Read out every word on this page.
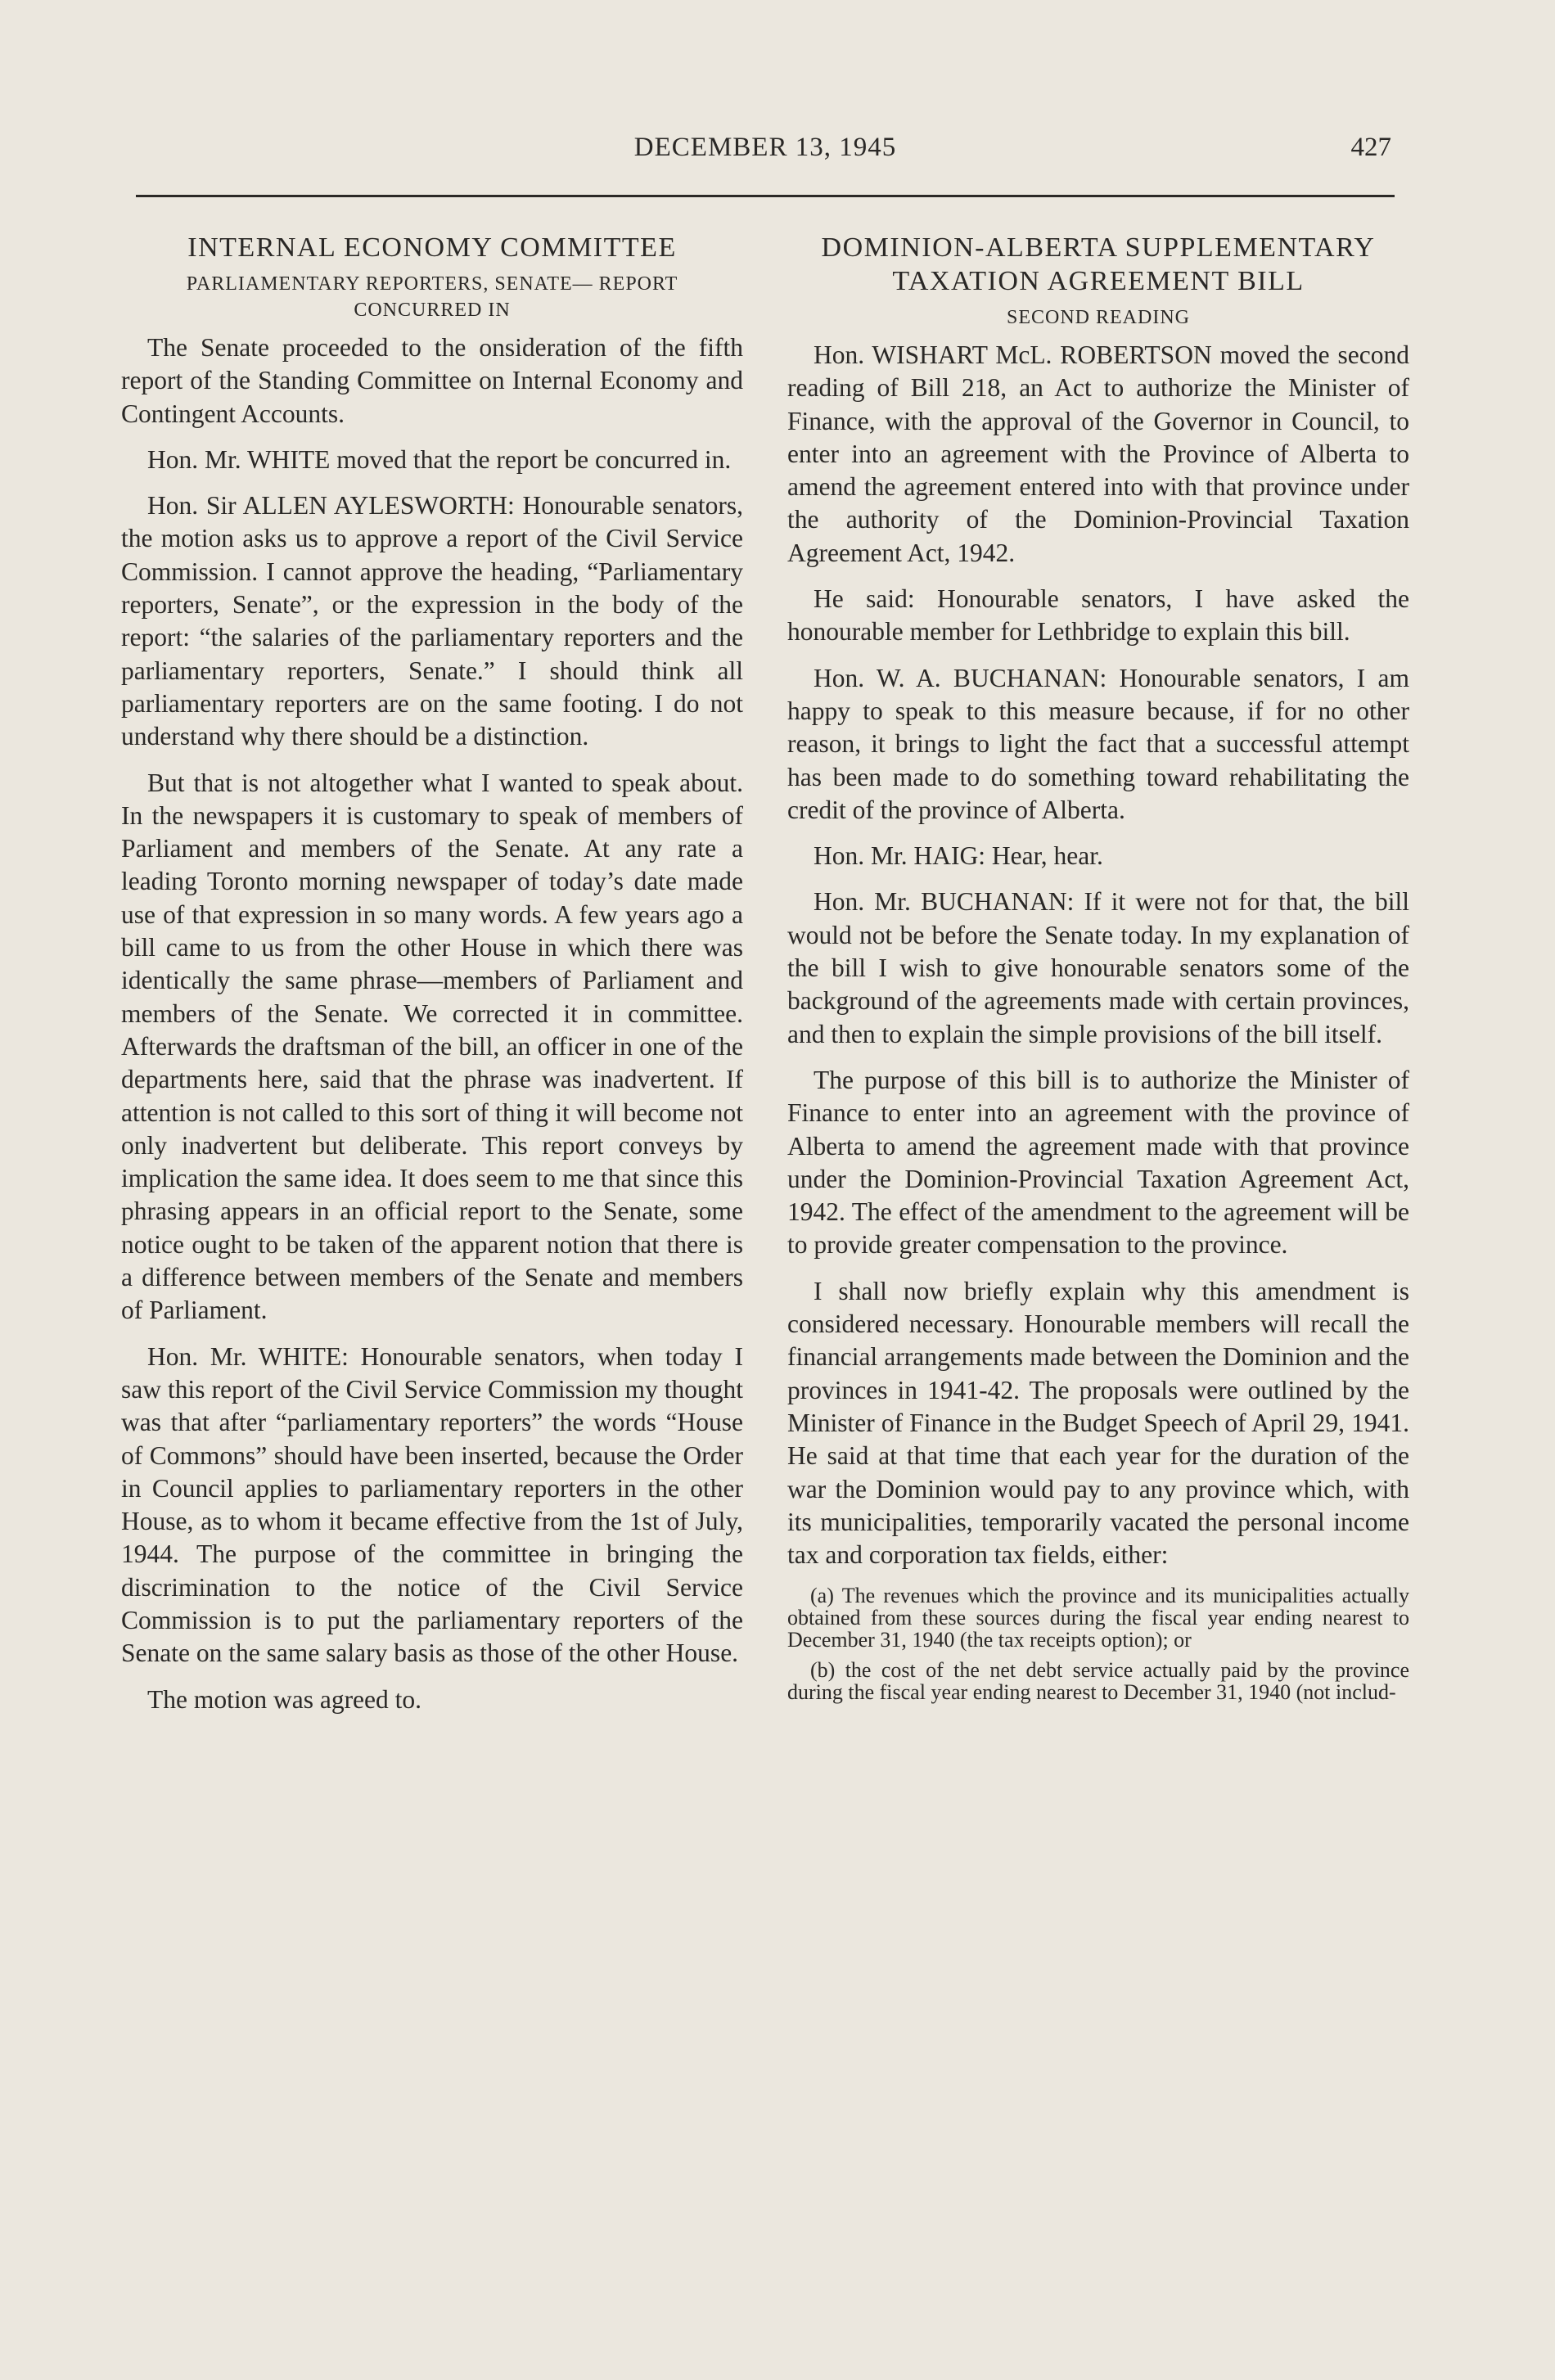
DECEMBER 13, 1945	427
INTERNAL ECONOMY COMMITTEE
PARLIAMENTARY REPORTERS, SENATE— REPORT CONCURRED IN

The Senate proceeded to the onsideration of the fifth report of the Standing Committee on Internal Economy and Contingent Accounts.

Hon. Mr. WHITE moved that the report be concurred in.

Hon. Sir ALLEN AYLESWORTH: Honourable senators, the motion asks us to approve a report of the Civil Service Commission. I cannot approve the heading, “Parliamentary reporters, Senate”, or the expression in the body of the report: “the salaries of the parliamentary reporters and the parliamentary reporters, Senate.” I should think all parliamentary reporters are on the same footing. I do not understand why there should be a distinction.

But that is not altogether what I wanted to speak about. In the newspapers it is customary to speak of members of Parliament and members of the Senate. At any rate a leading Toronto morning newspaper of today’s date made use of that expression in so many words. A few years ago a bill came to us from the other House in which there was identically the same phrase—members of Parliament and members of the Senate. We corrected it in committee. Afterwards the draftsman of the bill, an officer in one of the departments here, said that the phrase was inadvertent. If attention is not called to this sort of thing it will become not only inadvertent but deliberate. This report conveys by implication the same idea. It does seem to me that since this phrasing appears in an official report to the Senate, some notice ought to be taken of the apparent notion that there is a difference between members of the Senate and members of Parliament.

Hon. Mr. WHITE: Honourable senators, when today I saw this report of the Civil Service Commission my thought was that after “parliamentary reporters” the words “House of Commons” should have been inserted, because the Order in Council applies to parliamentary reporters in the other House, as to whom it became effective from the 1st of July, 1944. The purpose of the committee in bringing the discrimination to the notice of the Civil Service Commission is to put the parliamentary reporters of the Senate on the same salary basis as those of the other House.

The motion was agreed to.

DOMINION-ALBERTA SUPPLEMENTARY TAXATION AGREEMENT BILL
SECOND READING

Hon. WISHART McL. ROBERTSON moved the second reading of Bill 218, an Act to authorize the Minister of Finance, with the approval of the Governor in Council, to enter into an agreement with the Province of Alberta to amend the agreement entered into with that province under the authority of the Dominion-Provincial Taxation Agreement Act, 1942.

He said: Honourable senators, I have asked the honourable member for Lethbridge to explain this bill.

Hon. W. A. BUCHANAN: Honourable senators, I am happy to speak to this measure because, if for no other reason, it brings to light the fact that a successful attempt has been made to do something toward rehabilitating the credit of the province of Alberta.

Hon. Mr. HAIG: Hear, hear.

Hon. Mr. BUCHANAN: If it were not for that, the bill would not be before the Senate today. In my explanation of the bill I wish to give honourable senators some of the background of the agreements made with certain provinces, and then to explain the simple provisions of the bill itself.

The purpose of this bill is to authorize the Minister of Finance to enter into an agreement with the province of Alberta to amend the agreement made with that province under the Dominion-Provincial Taxation Agreement Act, 1942. The effect of the amendment to the agreement will be to provide greater compensation to the province.

I shall now briefly explain why this amendment is considered necessary. Honourable members will recall the financial arrangements made between the Dominion and the provinces in 1941-42. The proposals were outlined by the Minister of Finance in the Budget Speech of April 29, 1941. He said at that time that each year for the duration of the war the Dominion would pay to any province which, with its municipalities, temporarily vacated the personal income tax and corporation tax fields, either:

(a) The revenues which the province and its municipalities actually obtained from these sources during the fiscal year ending nearest to December 31, 1940 (the tax receipts option); or

(b) the cost of the net debt service actually paid by the province during the fiscal year ending nearest to December 31, 1940 (not includ-
